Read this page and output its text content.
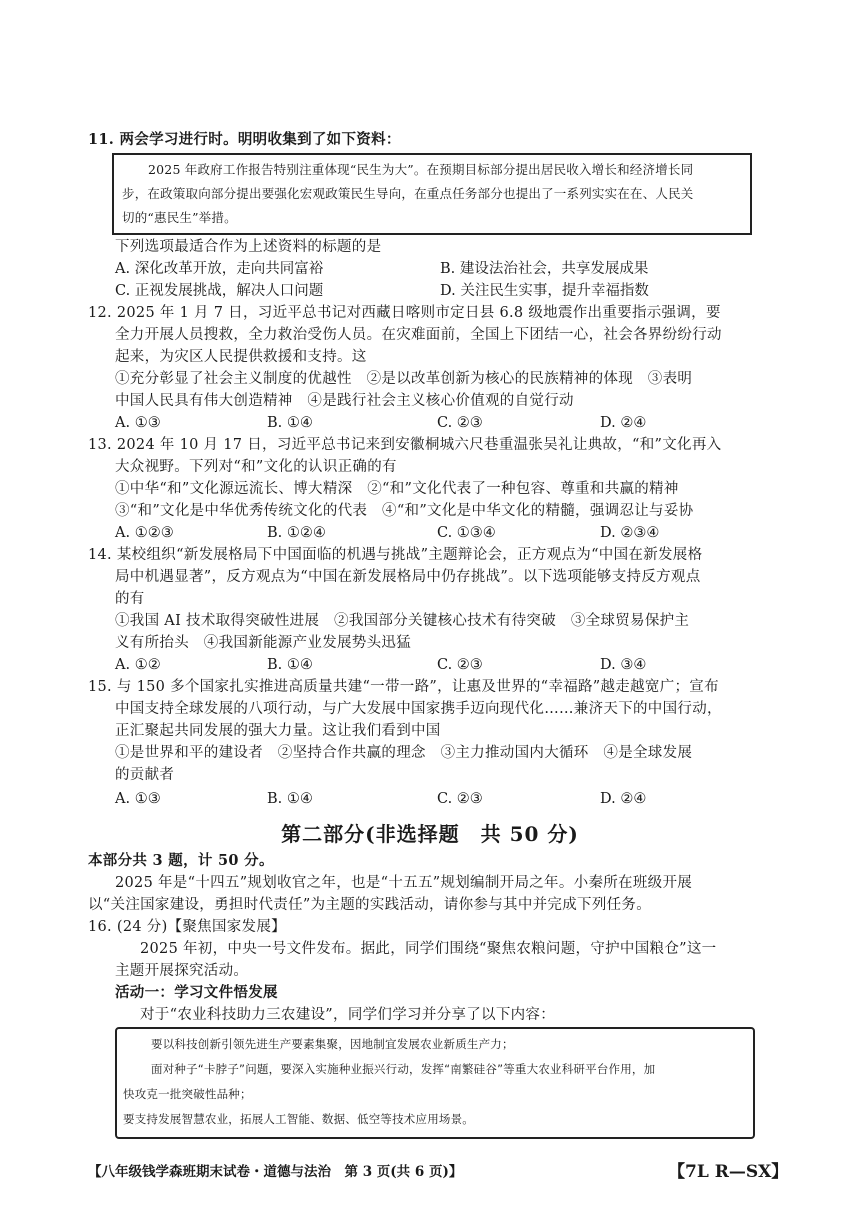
11. 两会学习进行时。明明收集到了如下资料：
2025 年政府工作报告特别注重体现“民生为大”。在预期目标部分提出居民收入增长和经济增长同
步，在政策取向部分提出要强化宏观政策民生导向，在重点任务部分也提出了一系列实实在在、人民关
切的“惠民生”举措。
下列选项最适合作为上述资料的标题的是
A. 深化改革开放，走向共同富裕	B. 建设法治社会，共享发展成果
C. 正视发展挑战，解决人口问题	D. 关注民生实事，提升幸福指数
12. 2025 年 1 月 7 日，习近平总书记对西藏日喀则市定日县 6.8 级地震作出重要指示强调，要
全力开展人员搜救，全力救治受伤人员。在灾难面前，全国上下团结一心，社会各界纷纷行动
起来，为灾区人民提供救援和支持。这
①充分彰显了社会主义制度的优越性　②是以改革创新为核心的民族精神的体现　③表明
中国人民具有伟大创造精神　④是践行社会主义核心价值观的自觉行动
A. ①③	B. ①④	C. ②③	D. ②④
13. 2024 年 10 月 17 日，习近平总书记来到安徽桐城六尺巷重温张吴礼让典故，“和”文化再入
大众视野。下列对“和”文化的认识正确的有
①中华“和”文化源远流长、博大精深　②“和”文化代表了一种包容、尊重和共赢的精神
③“和”文化是中华优秀传统文化的代表　④“和”文化是中华文化的精髓，强调忍让与妥协
A. ①②③	B. ①②④	C. ①③④	D. ②③④
14. 某校组织“新发展格局下中国面临的机遇与挑战”主题辩论会，正方观点为“中国在新发展格
局中机遇显著”，反方观点为“中国在新发展格局中仍存挑战”。以下选项能够支持反方观点
的有
①我国 AI 技术取得突破性进展　②我国部分关键核心技术有待突破　③全球贸易保护主
义有所抬头　④我国新能源产业发展势头迅猛
A. ①②	B. ①④	C. ②③	D. ③④
15. 与 150 多个国家扎实推进高质量共建“一带一路”，让惠及世界的“幸福路”越走越宽广；宣布
中国支持全球发展的八项行动，与广大发展中国家携手迈向现代化……兼济天下的中国行动，
正汇聚起共同发展的强大力量。这让我们看到中国
①是世界和平的建设者　②坚持合作共赢的理念　③主力推动国内大循环　④是全球发展
的贡献者
A. ①③	B. ①④	C. ②③	D. ②④
第二部分(非选择题　共 50 分)
本部分共 3 题，计 50 分。
2025 年是“十四五”规划收官之年，也是“十五五”规划编制开局之年。小秦所在班级开展
以“关注国家建设，勇担时代责任”为主题的实践活动，请你参与其中并完成下列任务。
16. (24 分)【聚焦国家发展】
2025 年初，中央一号文件发布。据此，同学们围绕“聚焦农粮问题，守护中国粮仓”这一
主题开展探究活动。
活动一：学习文件悟发展
对于“农业科技助力三农建设”，同学们学习并分享了以下内容：
要以科技创新引领先进生产要素集聚，因地制宜发展农业新质生产力；
面对种子“卡脖子”问题，要深入实施种业振兴行动，发挥“南繁硅谷”等重大农业科研平台作用，加
快攻克一批突破性品种；
要支持发展智慧农业，拓展人工智能、数据、低空等技术应用场景。
【八年级钱学森班期末试卷・道德与法治　第 3 页(共 6 页)】	【7L R—SX】
